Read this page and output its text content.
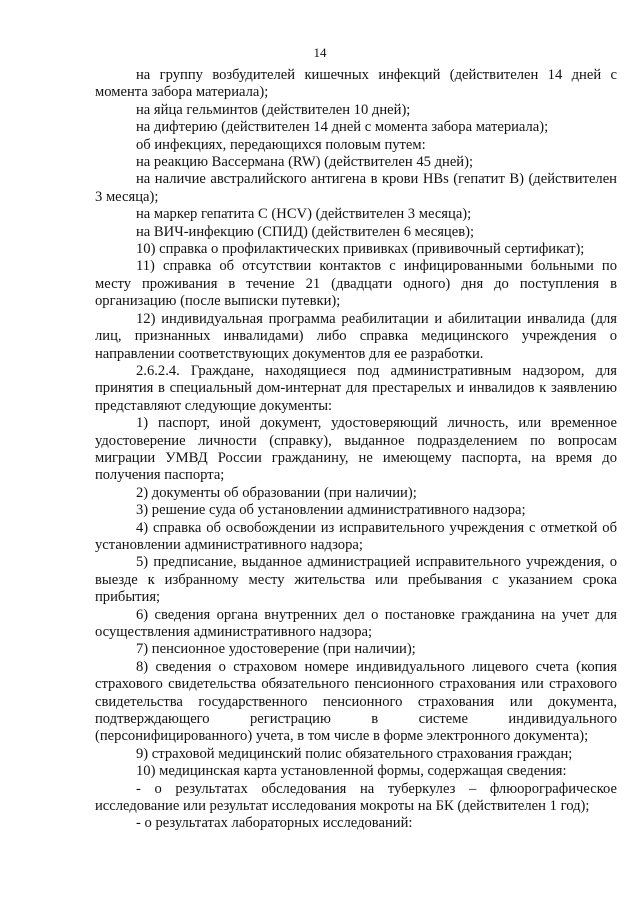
14

на группу возбудителей кишечных инфекций (действителен 14 дней с момента забора материала);

на яйца гельминтов (действителен 10 дней);

на дифтерию (действителен 14 дней с момента забора материала);

об инфекциях, передающихся половым путем:

на реакцию Вассермана (RW) (действителен 45 дней);

на наличие австралийского антигена в крови HBs (гепатит В) (действителен 3 месяца);

на маркер гепатита С (HCV) (действителен 3 месяца);

на ВИЧ-инфекцию (СПИД) (действителен 6 месяцев);

10) справка о профилактических прививках (прививочный сертификат);

11) справка об отсутствии контактов с инфицированными больными по месту проживания в течение 21 (двадцати одного) дня до поступления в организацию (после выписки путевки);

12) индивидуальная программа реабилитации и абилитации инвалида (для лиц, признанных инвалидами) либо справка медицинского учреждения о направлении соответствующих документов для ее разработки.

2.6.2.4. Граждане, находящиеся под административным надзором, для принятия в специальный дом-интернат для престарелых и инвалидов к заявлению представляют следующие документы:

1) паспорт, иной документ, удостоверяющий личность, или временное удостоверение личности (справку), выданное подразделением по вопросам миграции УМВД России гражданину, не имеющему паспорта, на время до получения паспорта;

2) документы об образовании (при наличии);

3) решение суда об установлении административного надзора;

4) справка об освобождении из исправительного учреждения с отметкой об установлении административного надзора;

5) предписание, выданное администрацией исправительного учреждения, о выезде к избранному месту жительства или пребывания с указанием срока прибытия;

6) сведения органа внутренних дел о постановке гражданина на учет для осуществления административного надзора;

7) пенсионное удостоверение (при наличии);

8) сведения о страховом номере индивидуального лицевого счета (копия страхового свидетельства обязательного пенсионного страхования или страхового свидетельства государственного пенсионного страхования или документа, подтверждающего регистрацию в системе индивидуального (персонифицированного) учета, в том числе в форме электронного документа);

9) страховой медицинский полис обязательного страхования граждан;

10) медицинская карта установленной формы, содержащая сведения:

- о результатах обследования на туберкулез – флюорографическое исследование или результат исследования мокроты на БК (действителен 1 год);

- о результатах лабораторных исследований:
